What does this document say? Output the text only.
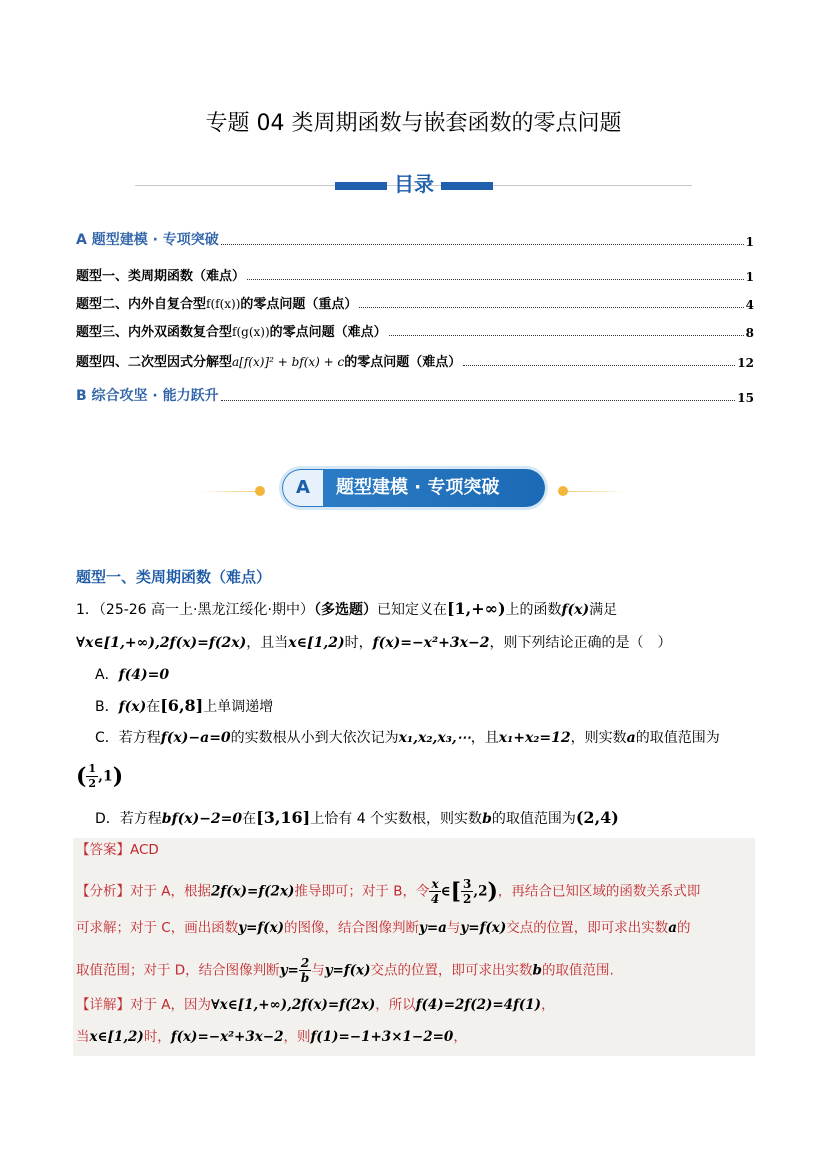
专题 04 类周期函数与嵌套函数的零点问题
目录
A 题型建模 · 专项突破	1
题型一、类周期函数（难点）	1
题型二、内外自复合型f(f(x))的零点问题（重点）	4
题型三、内外双函数复合型f(g(x))的零点问题（难点）	8
题型四、二次型因式分解型a[f(x)]² + bf(x) + c的零点问题（难点）	12
B 综合攻坚 · 能力跃升	15
A	题型建模 · 专项突破
题型一、类周期函数（难点）
1．（25-26 高一上·黑龙江绥化·期中）（多选题）已知定义在[1,+∞)上的函数f(x)满足
∀x∈[1,+∞),2f(x)=f(2x)，且当x∈[1,2)时，f(x)=−x²+3x−2，则下列结论正确的是（　）
A．f(4)=0
B．f(x)在[6,8]上单调递增
C．若方程f(x)−a=0的实数根从小到大依次记为x₁,x₂,x₃,⋯，且x₁+x₂=12，则实数a的取值范围为
( $\frac{1}{2} ,1$)
D．若方程bf(x)−2=0在[3,16]上恰有 4 个实数根，则实数b的取值范围为(2,4)
【答案】ACD
【分析】对于 A，根据2f(x)=f(2x)推导即可；对于 B，令 $\frac{x}{4}$ ∈[ $\frac{3}{2} ,2$)，再结合已知区域的函数关系式即
可求解；对于 C，画出函数y=f(x)的图像，结合图像判断y=a与y=f(x)交点的位置，即可求出实数a的
取值范围；对于 D，结合图像判断$y= \frac{2}{b}$ 与y=f(x)交点的位置，即可求出实数b的取值范围.
【详解】对于 A，因为∀x∈[1,+∞),2f(x)=f(2x)，所以f(4)=2f(2)=4f(1)，
当x∈[1,2)时，f(x)=−x²+3x−2，则f(1)=−1+3×1−2=0，
